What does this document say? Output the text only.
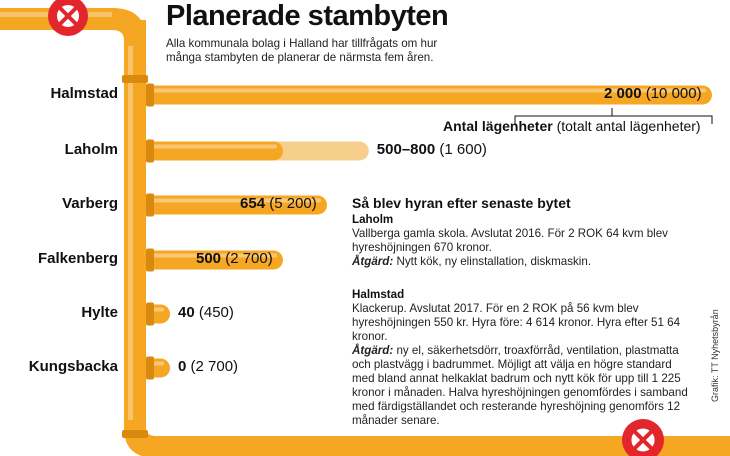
Planerade stambyten

Alla kommunala bolag i Halland har tillfrågats om hur många stambyten de planerar de närmsta fem åren.

Halmstad
Laholm
Varberg
Falkenberg
Hylte
Kungsbacka
2 000 (10 000)
500–800 (1 600)
654 (5 200)
500 (2 700)
40 (450)
0 (2 700)
Antal lägenheter (totalt antal lägenheter)
Så blev hyran efter senaste bytet
Laholm
Vallberga gamla skola. Avslutat 2016. För 2 ROK 64 kvm blev hyreshöjningen 670 kronor.
Åtgärd: Nytt kök, ny elinstallation, diskmaskin.
Halmstad
Klackerup. Avslutat 2017. För en 2 ROK på 56 kvm blev hyreshöjningen 550 kr. Hyra före: 4 614 kronor. Hyra efter 51 64 kronor.
Åtgärd: ny el, säkerhetsdörr, troaxförråd, ventilation, plastmatta och plastvägg i badrummet. Möjligt att välja en högre standard med bland annat helkaklat badrum och nytt kök för upp till 1 225 kronor i månaden. Halva hyreshöjningen genomfördes i samband med färdigställandet och resterande hyreshöjning genomförs 12 månader senare.
Grafik: TT Nyhetsbyrån
